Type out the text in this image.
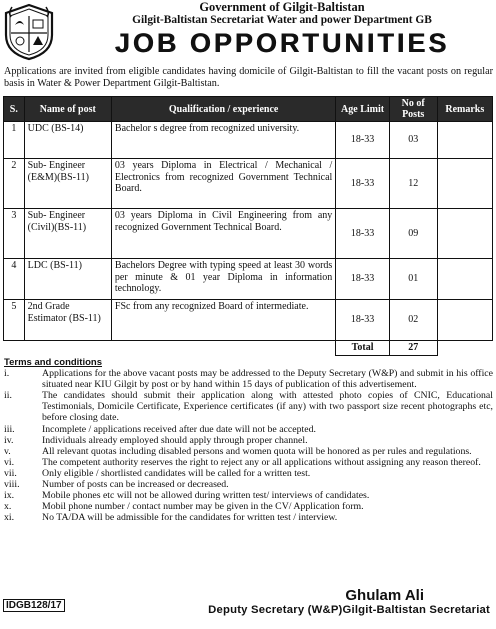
Government of Gilgit-Baltistan
Gilgit-Baltistan Secretariat Water and power Department GB
JOB OPPORTUNITIES
Applications are invited from eligible candidates having domicile of Gilgit-Baltistan to fill the vacant posts on regular basis in Water & Power Department Gilgit-Baltistan.
S.	Name of post	Qualification / experience	Age Limit	No of Posts	Remarks
1	UDC (BS-14)	Bachelor s degree from recognized university.	18-33	03	
2	Sub- Engineer (E&M)(BS-11)	03 years Diploma in Electrical / Mechanical / Electronics from recognized Government Technical Board.	18-33	12	
3	Sub- Engineer (Civil)(BS-11)	03 years Diploma in Civil Engineering from any recognized Government Technical Board.	18-33	09	
4	LDC (BS-11)	Bachelors Degree with typing speed at least 30 words per minute & 01 year Diploma in information technology.	18-33	01	
5	2nd Grade Estimator (BS-11)	FSc from any recognized Board of intermediate.	18-33	02	
			Total	27	
Terms and conditions
i.	Applications for the above vacant posts may be addressed to the Deputy Secretary (W&P) and submit in his office situated near KIU Gilgit by post or by hand within 15 days of publication of this advertisement.
ii.	The candidates should submit their application along with attested photo copies of CNIC, Educational Testimonials, Domicile Certificate, Experience certificates (if any) with two passport size recent photographs etc, before closing date.
iii.	Incomplete / applications received after due date will not be accepted.
iv.	Individuals already employed should apply through proper channel.
v.	All relevant quotas including disabled persons and women quota will be honored as per rules and regulations.
vi.	The competent authority reserves the right to reject any or all applications without assigning any reason thereof.
vii.	Only eligible / shortlisted candidates will be called for a written test.
viii.	Number of posts can be increased or decreased.
ix.	Mobile phones etc will not be allowed during written test/ interviews of candidates.
x.	Mobil phone number / contact number may be given in the CV/ Application form.
xi.	No TA/DA will be admissible for the candidates for written test / interview.
IDGB128/17
Ghulam Ali
Deputy Secretary (W&P)Gilgit-Baltistan Secretariat
